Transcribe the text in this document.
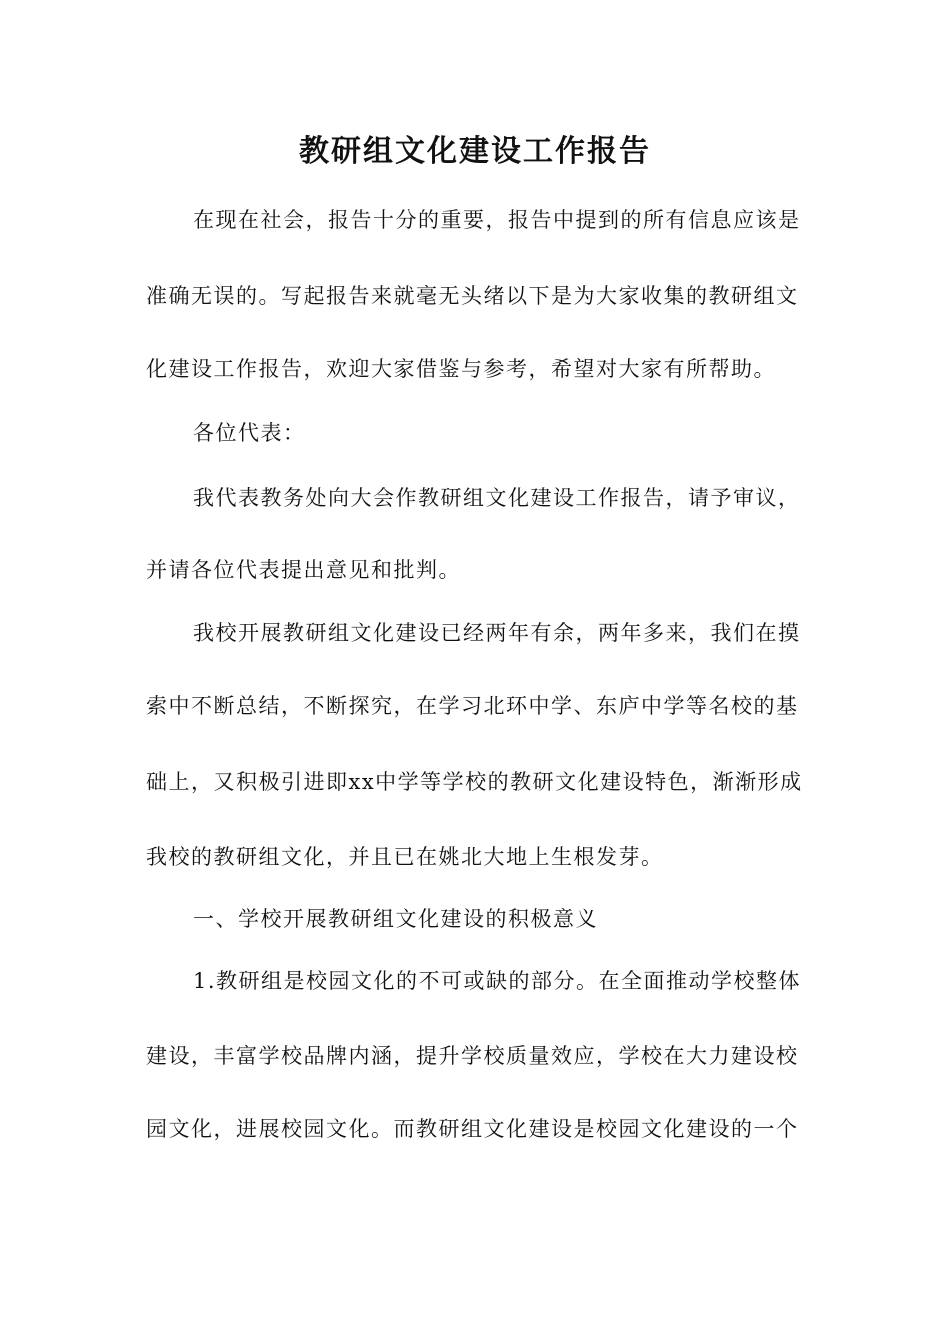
教研组文化建设工作报告

在现在社会，报告十分的重要，报告中提到的所有信息应该是

准确无误的。写起报告来就毫无头绪以下是为大家收集的教研组文

化建设工作报告，欢迎大家借鉴与参考，希望对大家有所帮助。

各位代表：

我代表教务处向大会作教研组文化建设工作报告，请予审议，

并请各位代表提出意见和批判。

我校开展教研组文化建设已经两年有余，两年多来，我们在摸

索中不断总结，不断探究，在学习北环中学、东庐中学等名校的基

础上，又积极引进即xx中学等学校的教研文化建设特色，渐渐形成

我校的教研组文化，并且已在姚北大地上生根发芽。

一、学校开展教研组文化建设的积极意义

1.教研组是校园文化的不可或缺的部分。在全面推动学校整体

建设，丰富学校品牌内涵，提升学校质量效应，学校在大力建设校

园文化，进展校园文化。而教研组文化建设是校园文化建设的一个
